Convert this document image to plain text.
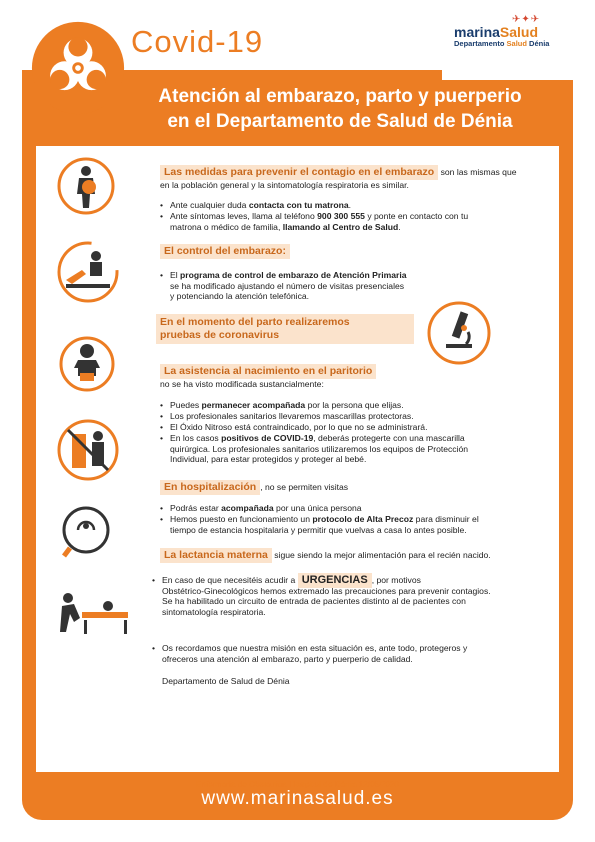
Covid-19
✈✦✈
marinaSalud
Departamento Salud Dénia
Atención al embarazo, parto y puerperio
en el Departamento de Salud de Dénia
Las medidas para prevenir el contagio en el embarazo son las mismas que
en la población general y la sintomatología respiratoria es similar.
• Ante cualquier duda contacta con tu matrona.
• Ante síntomas leves, llama al teléfono 900 300 555 y ponte en contacto con tu
matrona o médico de familia, llamando al Centro de Salud.
El control del embarazo:
• El programa de control de embarazo de Atención Primaria
se ha modificado ajustando el número de visitas presenciales
y potenciando la atención telefónica.
En el momento del parto realizaremos
pruebas de coronavirus
La asistencia al nacimiento en el paritorio
no se ha visto modificada sustancialmente:
• Puedes permanecer acompañada por la persona que elijas.
• Los profesionales sanitarios llevaremos mascarillas protectoras.
• El Óxido Nitroso está contraindicado, por lo que no se administrará.
• En los casos positivos de COVID-19, deberás protegerte con una mascarilla
quirúrgica. Los profesionales sanitarios utilizaremos los equipos de Protección
Individual, para estar protegidos y proteger al bebé.
En hospitalización , no se permiten visitas
• Podrás estar acompañada por una única persona
• Hemos puesto en funcionamiento un protocolo de Alta Precoz para disminuir el
tiempo de estancia hospitalaria y permitir que vuelvas a casa lo antes posible.
La lactancia materna sigue siendo la mejor alimentación para el recién nacido.
• En caso de que necesitéis acudir a URGENCIAS , por motivos
Obstétrico-Ginecológicos hemos extremado las precauciones para prevenir contagios.
Se ha habilitado un circuito de entrada de pacientes distinto al de pacientes con
sintomatología respiratoria.
• Os recordamos que nuestra misión en esta situación es, ante todo, protegeros y
ofreceros una atención al embarazo, parto y puerperio de calidad.
Departamento de Salud de Dénia
Enfermería de Obstetricia Hospital de Dénia 12/06/2020
www.marinasalud.es
